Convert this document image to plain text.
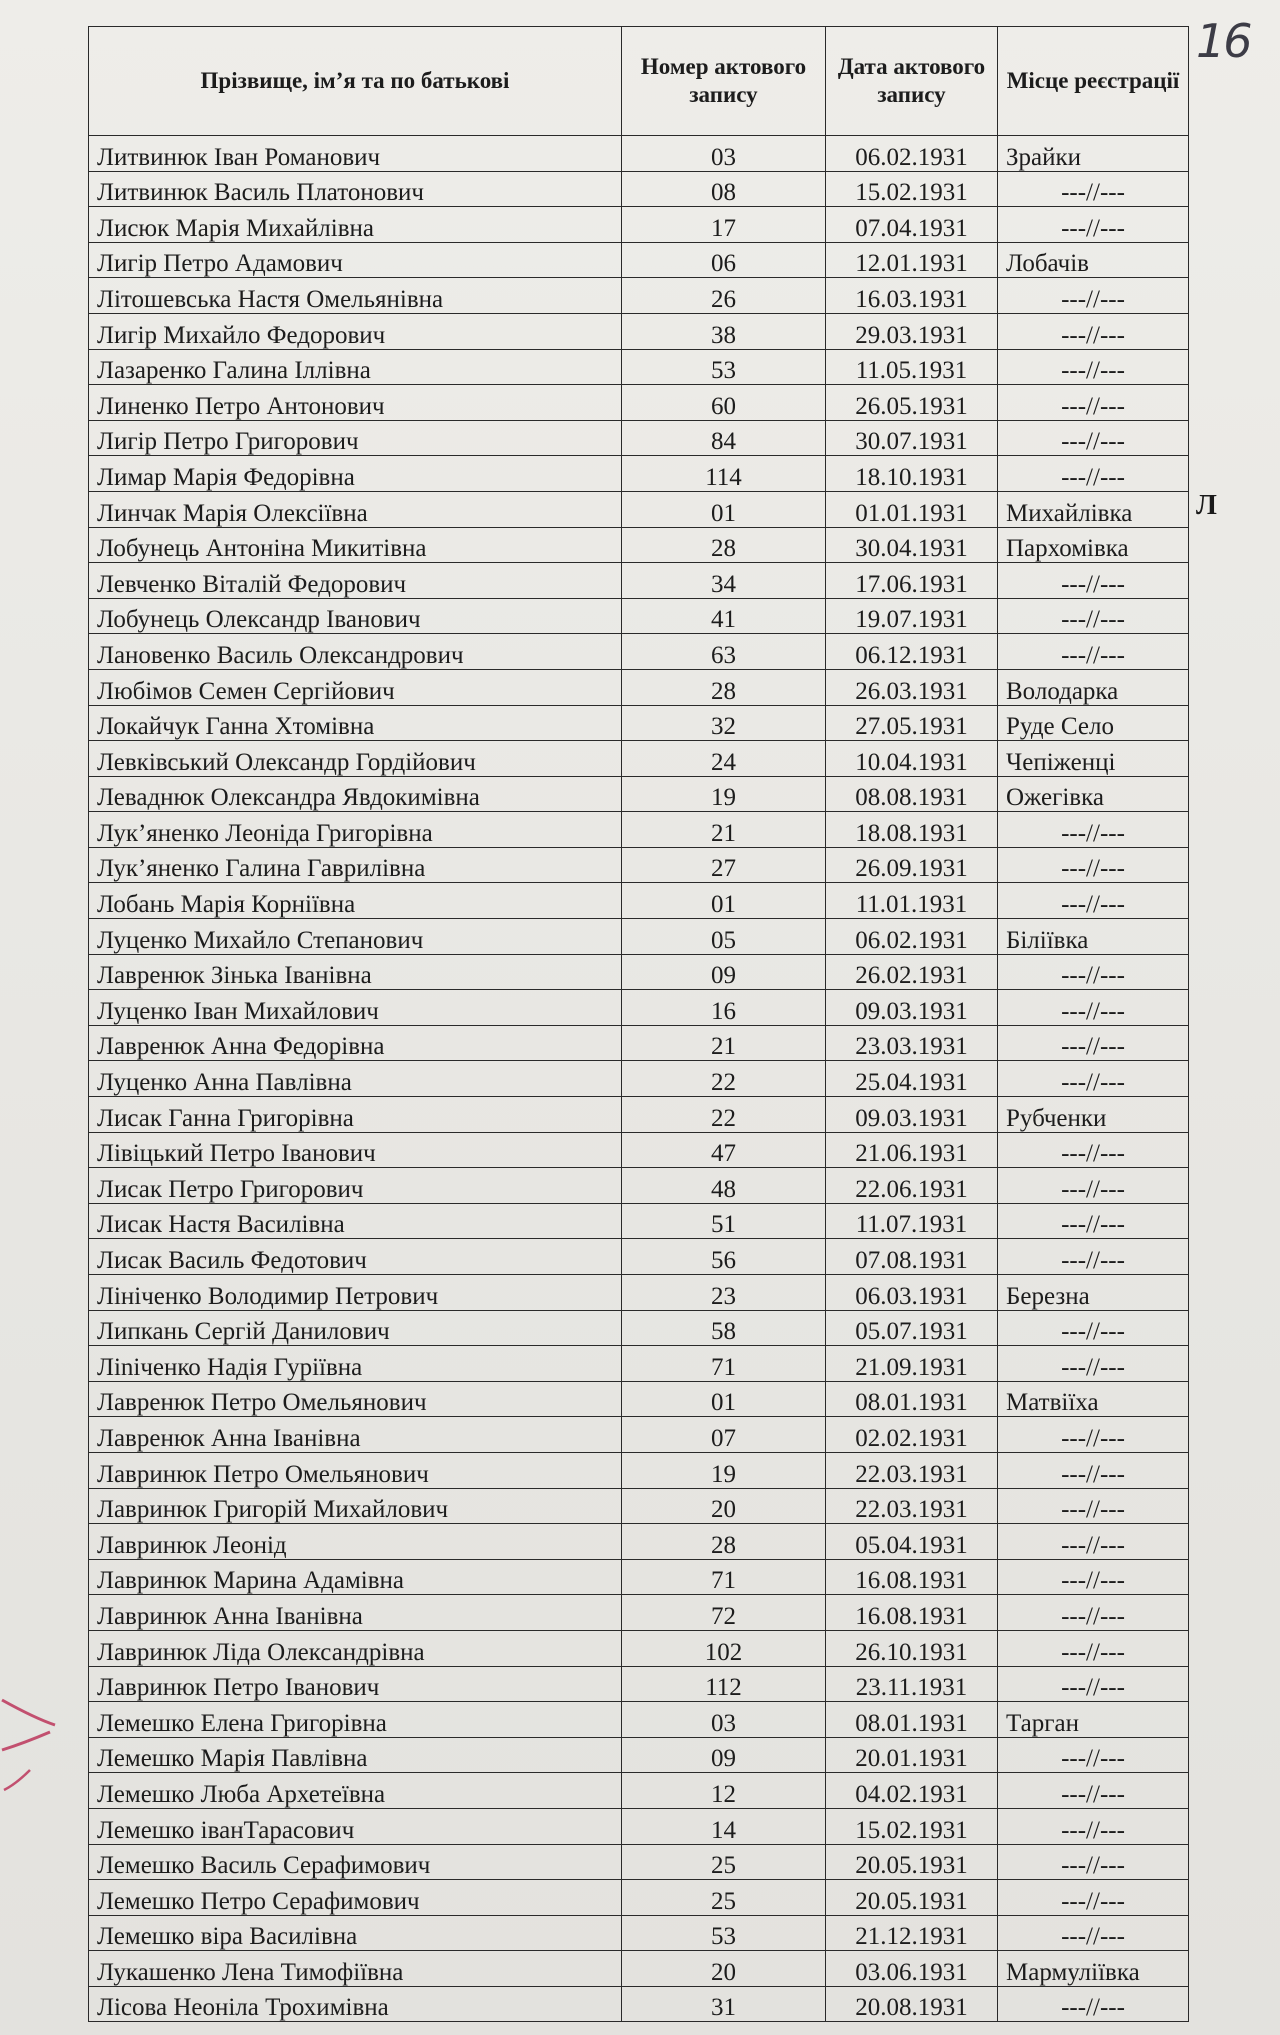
16
Л
Прізвище, ім’я та по батькові	Номер актового запису	Дата актового запису	Місце реєстрації
Литвинюк Іван Романович	03	06.02.1931	Зрайки
Литвинюк Василь Платонович	08	15.02.1931	---//---
Лисюк Марія Михайлівна	17	07.04.1931	---//---
Лигір Петро Адамович	06	12.01.1931	Лобачів
Літошевська Настя Омельянівна	26	16.03.1931	---//---
Лигір Михайло Федорович	38	29.03.1931	---//---
Лазаренко Галина Іллівна	53	11.05.1931	---//---
Линенко Петро Антонович	60	26.05.1931	---//---
Лигір Петро Григорович	84	30.07.1931	---//---
Лимар Марія Федорівна	114	18.10.1931	---//---
Линчак Марія Олексіївна	01	01.01.1931	Михайлівка
Лобунець Антоніна Микитівна	28	30.04.1931	Пархомівка
Левченко Віталій Федорович	34	17.06.1931	---//---
Лобунець Олександр Іванович	41	19.07.1931	---//---
Лановенко Василь Олександрович	63	06.12.1931	---//---
Любімов Семен Сергійович	28	26.03.1931	Володарка
Локайчук Ганна Хтомівна	32	27.05.1931	Руде Село
Левківський Олександр Гордійович	24	10.04.1931	Чепіженці
Леваднюк Олександра Явдокимівна	19	08.08.1931	Ожегівка
Лук’яненко Леоніда Григорівна	21	18.08.1931	---//---
Лук’яненко Галина Гаврилівна	27	26.09.1931	---//---
Лобань Марія Корніївна	01	11.01.1931	---//---
Луценко Михайло Степанович	05	06.02.1931	Біліївка
Лавренюк Зінька Іванівна	09	26.02.1931	---//---
Луценко Іван Михайлович	16	09.03.1931	---//---
Лавренюк Анна Федорівна	21	23.03.1931	---//---
Луценко Анна Павлівна	22	25.04.1931	---//---
Лисак Ганна Григорівна	22	09.03.1931	Рубченки
Лівіцький Петро Іванович	47	21.06.1931	---//---
Лисак Петро Григорович	48	22.06.1931	---//---
Лисак Настя Василівна	51	11.07.1931	---//---
Лисак Василь Федотович	56	07.08.1931	---//---
Лініченко Володимир Петрович	23	06.03.1931	Березна
Липкань Сергій Данилович	58	05.07.1931	---//---
Ліniченко Надія Гуріївна	71	21.09.1931	---//---
Лавренюк Петро Омельянович	01	08.01.1931	Матвіїха
Лавренюк Анна Іванівна	07	02.02.1931	---//---
Лавринюк Петро Омельянович	19	22.03.1931	---//---
Лавринюк Григорій Михайлович	20	22.03.1931	---//---
Лавринюк Леонід	28	05.04.1931	---//---
Лавринюк Марина Адамівна	71	16.08.1931	---//---
Лавринюк Анна Іванівна	72	16.08.1931	---//---
Лавринюк Ліда Олександрівна	102	26.10.1931	---//---
Лавринюк Петро Іванович	112	23.11.1931	---//---
Лемешко Елена Григорівна	03	08.01.1931	Тарган
Лемешко Марія Павлівна	09	20.01.1931	---//---
Лемешко Люба Архетеївна	12	04.02.1931	---//---
Лемешко іванТарасович	14	15.02.1931	---//---
Лемешко Василь Серафимович	25	20.05.1931	---//---
Лемешко Петро Серафимович	25	20.05.1931	---//---
Лемешко віра Василівна	53	21.12.1931	---//---
Лукашенко Лена Тимофіївна	20	03.06.1931	Мармуліївка
Лісова Неоніла Трохимівна	31	20.08.1931	---//---
